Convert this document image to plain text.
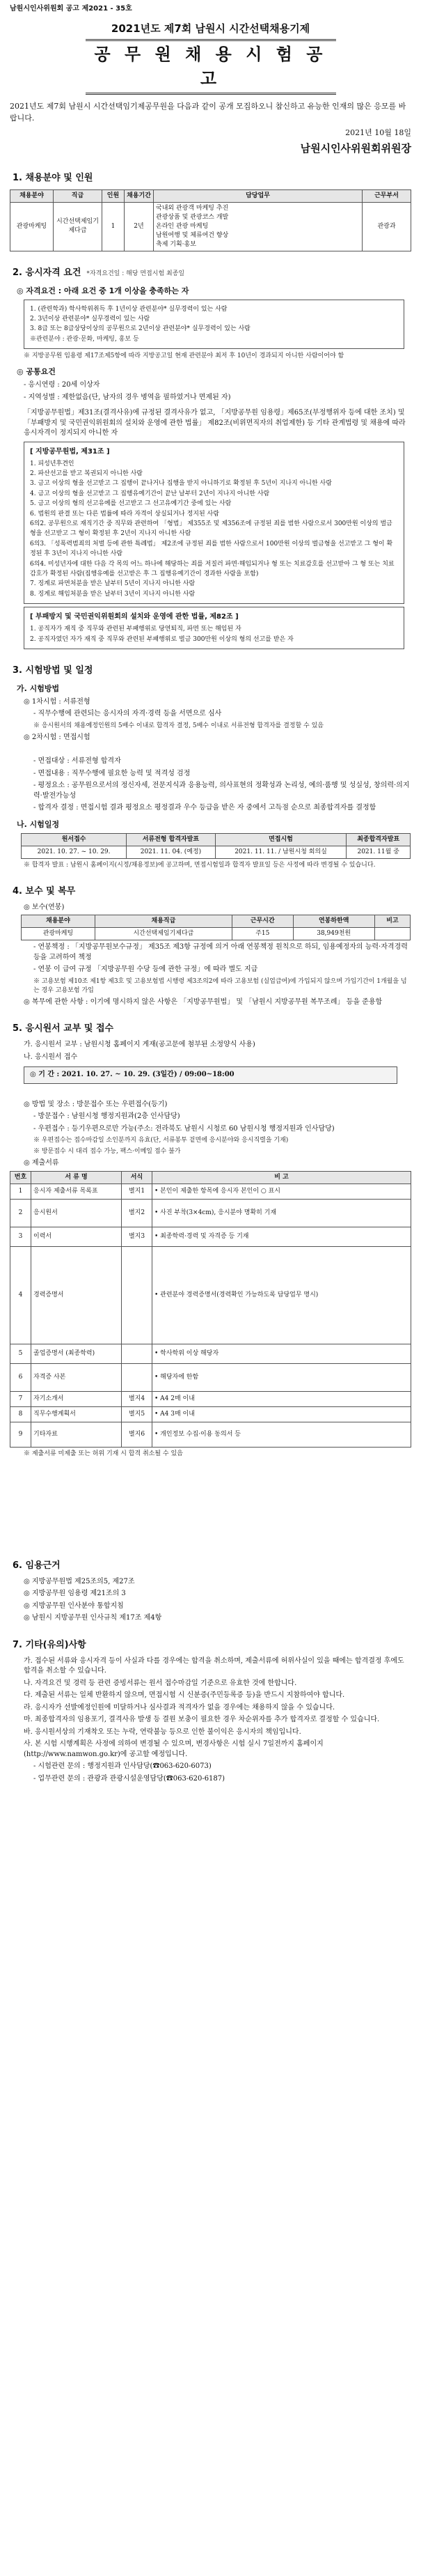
남원시인사위원회 공고 제2021 - 35호
2021년도 제7회 남원시 시간선택채용기제
공 무 원 채 용 시 험 공 고
2021년도 제7회 남원시 시간선택임기제공무원을 다음과 같이 공개 모집하오니 참신하고 유능한 인재의 많은 응모를 바랍니다.
2021년 10월 18일
남원시인사위원회위원장
1. 채용분야 및 인원
채용분야	직급	인원	채용기간	담당업무	근무부서
관광마케팅	시간선택제임기제다급	1	2년	국내외 관광객 마케팅 추진
관광상품 및 관광코스 개발
온라인 관광 마케팅
남원여행 및 체류여건 향상
축제 기획·홍보	관광과
2. 응시자격 요건 *자격요건일 : 해당 면접시험 최종일
◎ 자격요건 : 아래 요건 중 1개 이상을 충족하는 자
1. (관련학과) 학사학위취득 후 1년이상 관련분야* 실무경력이 있는 사람
2. 3년이상 관련분야* 실무경력이 있는 사람
3. 8급 또는 8급상당이상의 공무원으로 2년이상 관련분야* 실무경력이 있는 사람
※관련분야 : 관광·문화, 마케팅, 홍보 등
※ 지방공무원 임용령 제17조제5항에 따라 지방공고일 현재 관련분야 최저 후 10년이 경과되지 아니한 사람이어야 함
◎ 공통요건
- 응시연령 : 20세 이상자
- 지역성별 : 제한없음(단, 남자의 경우 병역을 필하였거나 면제된 자)
「지방공무원법」제31조(결격사유)에 규정된 결격사유가 없고, 「지방공무원 임용령」제65조(부정행위자 등에 대한 조치) 및 「부패방지 및 국민권익위원회의 설치와 운영에 관한 법률」 제82조(비위면직자의 취업제한) 등 기타 관계법령 및 채용에 따라 응시자격이 정지되지 아니한 자
[ 지방공무원법, 제31조 ]
1. 피성년후견인
2. 파산선고를 받고 복권되지 아니한 사람
3. 금고 이상의 형을 선고받고 그 집행이 끝나거나 집행을 받지 아니하기로 확정된 후 5년이 지나지 아니한 사람
4. 금고 이상의 형을 선고받고 그 집행유예기간이 끝난 날부터 2년이 지나지 아니한 사람
5. 금고 이상의 형의 선고유예를 선고받고 그 선고유예기간 중에 있는 사람
6. 법원의 판결 또는 다른 법률에 따라 자격이 상실되거나 정지된 사람
6의2. 공무원으로 재직기간 중 직무와 관련하여 「형법」 제355조 및 제356조에 규정된 죄를 범한 사람으로서 300만원 이상의 벌금형을 선고받고 그 형이 확정된 후 2년이 지나지 아니한 사람
6의3. 「성폭력범죄의 처벌 등에 관한 특례법」 제2조에 규정된 죄를 범한 사람으로서 100만원 이상의 벌금형을 선고받고 그 형이 확정된 후 3년이 지나지 아니한 사람
6의4. 미성년자에 대한 다음 각 목의 어느 하나에 해당하는 죄를 저질러 파면·해임되거나 형 또는 치료감호를 선고받아 그 형 또는 치료감호가 확정된 사람(집행유예를 선고받은 후 그 집행유예기간이 경과한 사람을 포함)
7. 징계로 파면처분을 받은 날부터 5년이 지나지 아니한 사람
8. 징계로 해임처분을 받은 날부터 3년이 지나지 아니한 사람
[ 부패방지 및 국민권익위원회의 설치와 운영에 관한 법률, 제82조 ]
1. 공직자가 재직 중 직무와 관련된 부패행위로 당연퇴직, 파면 또는 해임된 자
2. 공직자였던 자가 재직 중 직무와 관련된 부패행위로 벌금 300만원 이상의 형의 선고를 받은 자
3. 시험방법 및 일정
가. 시험방법
◎ 1차시험 : 서류전형
- 직무수행에 관련되는 응시자의 자격·경력 등을 서면으로 심사
※ 응시원서의 채용예정인원의 5배수 이내로 합격자 결정, 5배수 이내로 서류전형 합격자를 결정할 수 있음
◎ 2차시험 : 면접시험
- 면접대상 : 서류전형 합격자
- 면접내용 : 직무수행에 필요한 능력 및 적격성 검정
- 평정요소 : 공무원으로서의 정신자세, 전문지식과 응용능력, 의사표현의 정확성과 논리성, 예의·품행 및 성실성, 창의력·의지력·발전가능성
- 합격자 결정 : 면접시험 결과 평정요소 평정결과 우수 등급을 받은 자 중에서 고득점 순으로 최종합격자를 결정함
나. 시험일정
원서접수	서류전형 합격자발표	면접시험	최종합격자발표
2021. 10. 27. ~ 10. 29.	2021. 11. 04. (예정)	2021. 11. 11. / 남원시청 회의실	2021. 11월 중
※ 합격자 발표 : 남원시 홈페이지(시정/채용정보)에 공고하며, 면접시험일과 합격자 발표일 등은 사정에 따라 변경될 수 있습니다.
4. 보수 및 복무
◎ 보수(연봉)
채용분야	채용직급	근무시간	연봉하한액	비고
관광마케팅	시간선택제임기제다급	주15	38,949천원	
- 연봉책정 : 「지방공무원보수규정」 제35조 제3항 규정에 의거 아래 연봉책정 원칙으로 하되, 임용예정자의 능력·자격경력 등을 고려하여 책정
- 연봉 이 급여 규정 「지방공무원 수당 등에 관한 규정」에 따라 별도 지급
※ 고용보험 제10조 제1항 제3호 및 고용보험법 시행령 제3조의2에 따라 고용보험 (실업급여)에 가입되지 않으며 가입기간이 1개월을 넘는 경우 고용보험 가입
◎ 복무에 관한 사항 : 이기에 명시하지 않은 사항은 「지방공무원법」 및 「남원시 지방공무원 복무조례」 등을 준용함
5. 응시원서 교부 및 접수
가. 응시원서 교부 : 남원시청 홈페이지 게재(공고문에 첨부된 소정양식 사용)
나. 응시원서 접수
◎ 기 간 : 2021. 10. 27. ~ 10. 29. (3일간) / 09:00~18:00
◎ 방법 및 장소 : 방문접수 또는 우편접수(등기)
- 방문접수 : 남원시청 행정지원과(2층 인사담당)
- 우편접수 : 등기우편으로만 가능(주소: 전라북도 남원시 시청로 60 남원시청 행정지원과 인사담당)
※ 우편접수는 접수마감일 소인분까지 유효(단, 서류봉투 겉면에 응시분야와 응시직렬을 기재)
※ 방문접수 시 대리 접수 가능, 팩스·이메일 접수 불가
◎ 제출서류
번호	서 류 명	서식	비 고
1	응시자 제출서류 목록표	별지1	• 본인이 제출한 항목에 응시자 본인이 ○ 표시
2	응시원서	별지2	• 사진 부착(3×4cm), 응시분야 명확히 기재
3	이력서	별지3	• 최종학력·경력 및 자격증 등 기재
4	경력증명서		• 관련분야 경력증명서(경력확인 가능하도록 담당업무 명시)
5	졸업증명서 (최종학력)		• 학사학위 이상 해당자
6	자격증 사본		• 해당자에 한함
7	자기소개서	별지4	• A4 2매 이내
8	직무수행계획서	별지5	• A4 3매 이내
9	기타자료	별지6	• 개인정보 수집·이용 동의서 등
※ 제출서류 미제출 또는 허위 기재 시 합격 취소될 수 있음
6. 임용근거
◎ 지방공무원법 제25조의5, 제27조
◎ 지방공무원 임용령 제21조의 3
◎ 지방공무원 인사분야 통합지침
◎ 남원시 지방공무원 인사규칙 제17조 제4항
7. 기타(유의)사항
가. 접수된 서류와 응시자격 등이 사실과 다를 경우에는 합격을 취소하며, 제출서류에 허위사실이 있을 때에는 합격결정 후에도 합격을 취소할 수 있습니다.
나. 자격요건 및 경력 등 관련 증빙서류는 원서 접수마감일 기준으로 유효한 것에 한합니다.
다. 제출된 서류는 일체 반환하지 않으며, 면접시험 시 신분증(주민등록증 등)을 반드시 지참하여야 합니다.
라. 응시자가 선발예정인원에 미달하거나 심사결과 적격자가 없을 경우에는 채용하지 않을 수 있습니다.
마. 최종합격자의 임용포기, 결격사유 발생 등 결원 보충이 필요한 경우 차순위자를 추가 합격자로 결정할 수 있습니다.
바. 응시원서상의 기재착오 또는 누락, 연락불능 등으로 인한 불이익은 응시자의 책임입니다.
사. 본 시험 시행계획은 사정에 의하여 변경될 수 있으며, 변경사항은 시험 실시 7일전까지 홈페이지(http://www.namwon.go.kr)에 공고할 예정입니다.
- 시험관련 문의 : 행정지원과 인사담당(☎063-620-6073)
- 업무관련 문의 : 관광과 관광시설운영담당(☎063-620-6187)
